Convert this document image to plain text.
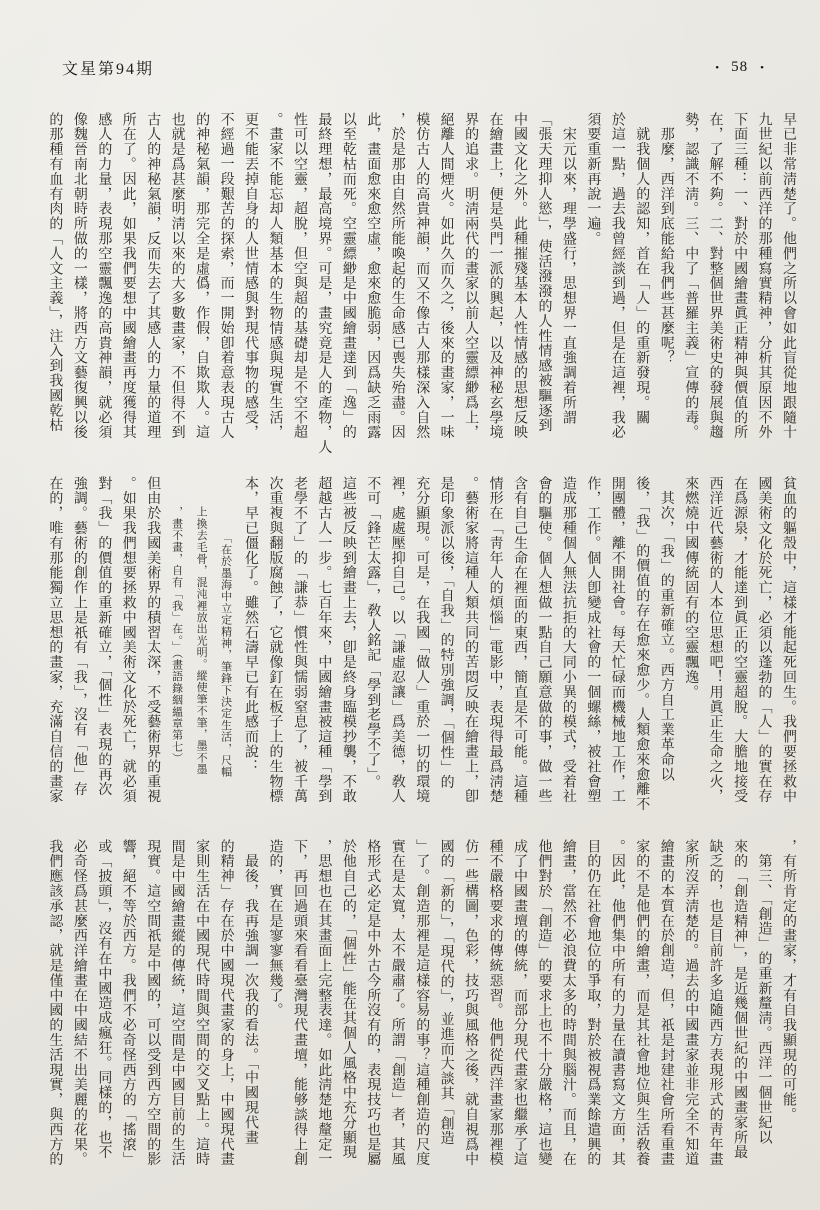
文星第94期	• 58 •
早已非常淸楚了。他們之所以會如此盲從地跟隨十
九世紀以前西洋的那種寫實精神，分析其原因不外
下面三種：一、對於中國繪畫眞正精神與價值的所
在，了解不夠。二、對整個世界美術史的發展與趨
勢，認識不淸。三、中了「普羅主義」宣傳的毒。
　那麼，西洋到底能給我們些甚麼呢？
　就我個人的認知，首在「人」的重新發現。關
於這一點，過去我曾經談到過，但是在這裡，我必
須要重新再說一遍。
　宋元以來，理學盛行，思想界一直強調着所謂
「張天理抑人慾」，使活潑潑的人性情感被驅逐到
中國文化之外。此種摧殘基本人性情感的思想反映
在繪畫上，便是吳門一派的興起，以及神秘玄學境
界的追求。明淸兩代的畫家以前人空靈縹緲爲上，
絕離人間煙火。如此久而久之，後來的畫家，一味
模仿古人的高貴神韻，而又不像古人那樣深入自然
，於是那由自然所能喚起的生命感已喪失殆盡。因
此，畫面愈來愈空虛，愈來愈脆弱，因爲缺乏雨露
以至乾枯而死。空靈縹緲是中國繪畫達到「逸」的
最終理想，最高境界。可是，畫究竟是人的產物，人
性可以空靈，超脫，但空與超的基礎却是不空不超
。畫家不能忘却人類基本的生物情感與現實生活，
更不能丟掉自身的人世情感與對現代事物的感受，
不經過一段艱苦的探索，而一開始卽着意表現古人
的神秘氣韻，那完全是虛僞，作假，自欺欺人。這
也就是爲甚麼明淸以來的大多數畫家，不但得不到
古人的神秘氣韻，反而失去了其感人的力量的道理
所在了。因此，如果我們要想中國繪畫再度獲得其
感人的力量，表現那空靈飄逸的高貴神韻，就必須
像魏晉南北朝時所做的一樣，將西方文藝復興以後
的那種有血有肉的「人文主義」，注入到我國乾枯
貧血的軀殼中，這樣才能起死回生。我們要拯救中
國美術文化於死亡，必須以蓬勃的「人」的實在存
在爲源泉，才能達到眞正的空靈超脫。大膽地接受
西洋近代藝術的人本位思想吧！用眞正生命之火，
來燃燒中國傳統固有的空靈飄逸。
　其次，「我」的重新確立。西方自工業革命以
後，「我」的價值的存在愈來愈少。人類愈來愈離不
開團體，離不開社會。每天忙碌而機械地工作，工
作，工作。個人卽變成社會的一個螺絲，被社會塑
造成那種個人無法抗拒的大同小異的模式，受着社
會的驅使。個人想做一點自己願意做的事，做一些
含有自己生命在裡面的東西，簡直是不可能。這種
情形在「靑年人的煩惱」電影中，表現得最爲淸楚
。藝術家將這種人類共同的苦悶反映在繪畫上，卽
是印象派以後，「自我」的特別強調，「個性」的
充分顯現。可是，在我國「做人」重於一切的環境
裡，處處壓抑自己。以「謙虛忍讓」爲美德，敎人
不可「鋒芒太露」，敎人銘記「學到老學不了」。
這些被反映到繪畫上去，卽是終身臨模抄襲，不敢
超越古人一步。七百年來，中國繪畫被這種「學到
老學不了」的「謙恭」慣性與懦弱窒息了，被千萬
次重複與翻版腐蝕了，它就像釘在板子上的生物標
本，早已僵化了。雖然石濤早已有此感而說：
「在於墨海中立定精神，筆鋒下決定生活，尺幅
上換去毛骨，混沌裡放出光明。縱使筆不筆，墨不墨
，畫不畫，自有「我」在。」（畫語錄絪縕章第七）
但由於我國美術界的積習太深，不受藝術界的重視
。如果我們想要拯救中國美術文化於死亡，就必須
對「我」的價值的重新確立，「個性」表現的再次
強調。藝術的創作上是祇有「我」，沒有「他」存
在的，唯有那能獨立思想的畫家，充滿自信的畫家
，有所肯定的畫家，才有自我顯現的可能。
　第三、「創造」的重新釐淸。西洋一個世紀以
來的「創造精神」，是近幾個世紀的中國畫家所最
缺乏的，也是目前許多追隨西方表現形式的靑年畫
家所沒弄淸楚的。過去的中國畫家並非完全不知道
繪畫的本質在於創造，但，祇是封建社會所看重畫
家的不是他們的繪畫，而是其社會地位與生活敎養
。因此，他們集中所有的力量在讀書寫文方面，其
目的仍在社會地位的爭取，對於被視爲業餘遣興的
繪畫，當然不必浪費太多的時間與腦汁。而且，在
他們對於「創造」的要求上也不十分嚴格，這也變
成了中國畫壇的傳統，而部分現代畫家也繼承了這
種不嚴格要求的傳統惡習。他們從西洋畫家那裡模
仿一些構圖，色彩，技巧與風格之後，就自視爲中
國的「新的」，「現代的」，並進而大談其「創造
」了。創造那裡是這樣容易的事？這種創造的尺度
實在是太寬，太不嚴肅了。所謂「創造」者，其風
格形式必定是中外古今所沒有的，表現技巧也是屬
於他自己的，「個性」能在其個人風格中充分顯現
，思想也在其畫面上完整表達。如此淸楚地釐定一
下，再回過頭來看看臺灣現代畫壇，能够談得上創
造的，實在是寥寥無幾了。
　最後，我再強調一次我的看法。「中國現代畫
的精神」存在於中國現代畫家的身上，中國現代畫
家則生活在中國現代時間與空間的交叉點上。這時
間是中國繪畫縱的傳統，這空間是中國目前的生活
現實。這空間祇是中國的，可以受到西方空間的影
響，絕不等於西方。我們不必奇怪西方的「搖滾」
或「披頭」，沒有在中國造成瘋狂。同樣的，也不
必奇怪爲甚麼西洋繪畫在中國結不出美麗的花果。
我們應該承認，就是僅中國的生活現實，與西方的
